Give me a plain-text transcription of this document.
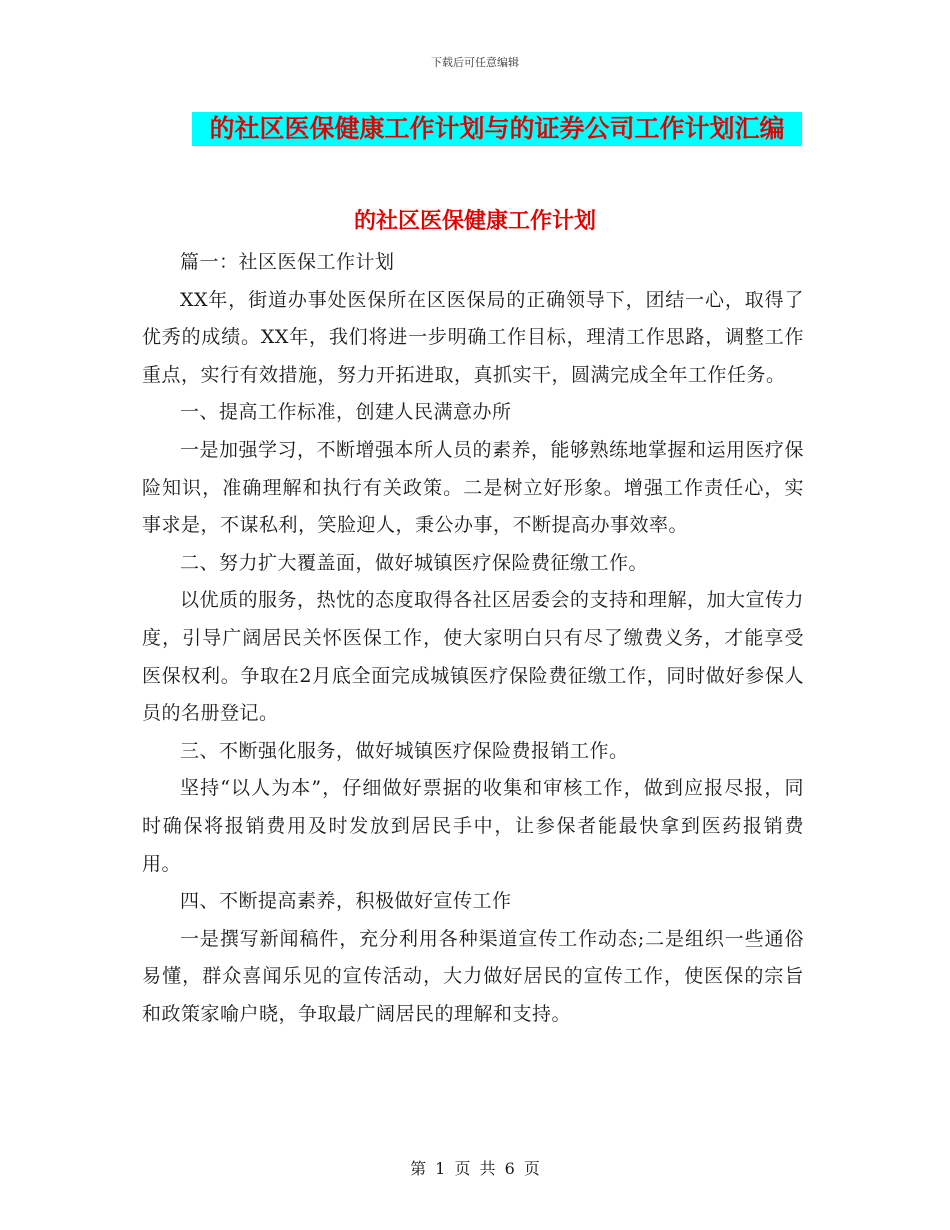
下载后可任意编辑
的社区医保健康工作计划与的证券公司工作计划汇编
的社区医保健康工作计划

篇一：社区医保工作计划

XX年，街道办事处医保所在区医保局的正确领导下，团结一心，取得了优秀的成绩。XX年，我们将进一步明确工作目标，理清工作思路，调整工作重点，实行有效措施，努力开拓进取，真抓实干，圆满完成全年工作任务。

一、提高工作标准，创建人民满意办所

一是加强学习，不断增强本所人员的素养，能够熟练地掌握和运用医疗保险知识，准确理解和执行有关政策。二是树立好形象。增强工作责任心，实事求是，不谋私利，笑脸迎人，秉公办事，不断提高办事效率。

二、努力扩大覆盖面，做好城镇医疗保险费征缴工作。

以优质的服务，热忱的态度取得各社区居委会的支持和理解，加大宣传力度，引导广阔居民关怀医保工作，使大家明白只有尽了缴费义务，才能享受医保权利。争取在2月底全面完成城镇医疗保险费征缴工作，同时做好参保人员的名册登记。

三、不断强化服务，做好城镇医疗保险费报销工作。

坚持“以人为本”，仔细做好票据的收集和审核工作，做到应报尽报，同时确保将报销费用及时发放到居民手中，让参保者能最快拿到医药报销费用。

四、不断提高素养，积极做好宣传工作

一是撰写新闻稿件，充分利用各种渠道宣传工作动态;二是组织一些通俗易懂，群众喜闻乐见的宣传活动，大力做好居民的宣传工作，使医保的宗旨和政策家喻户晓，争取最广阔居民的理解和支持。

第 1 页 共 6 页
